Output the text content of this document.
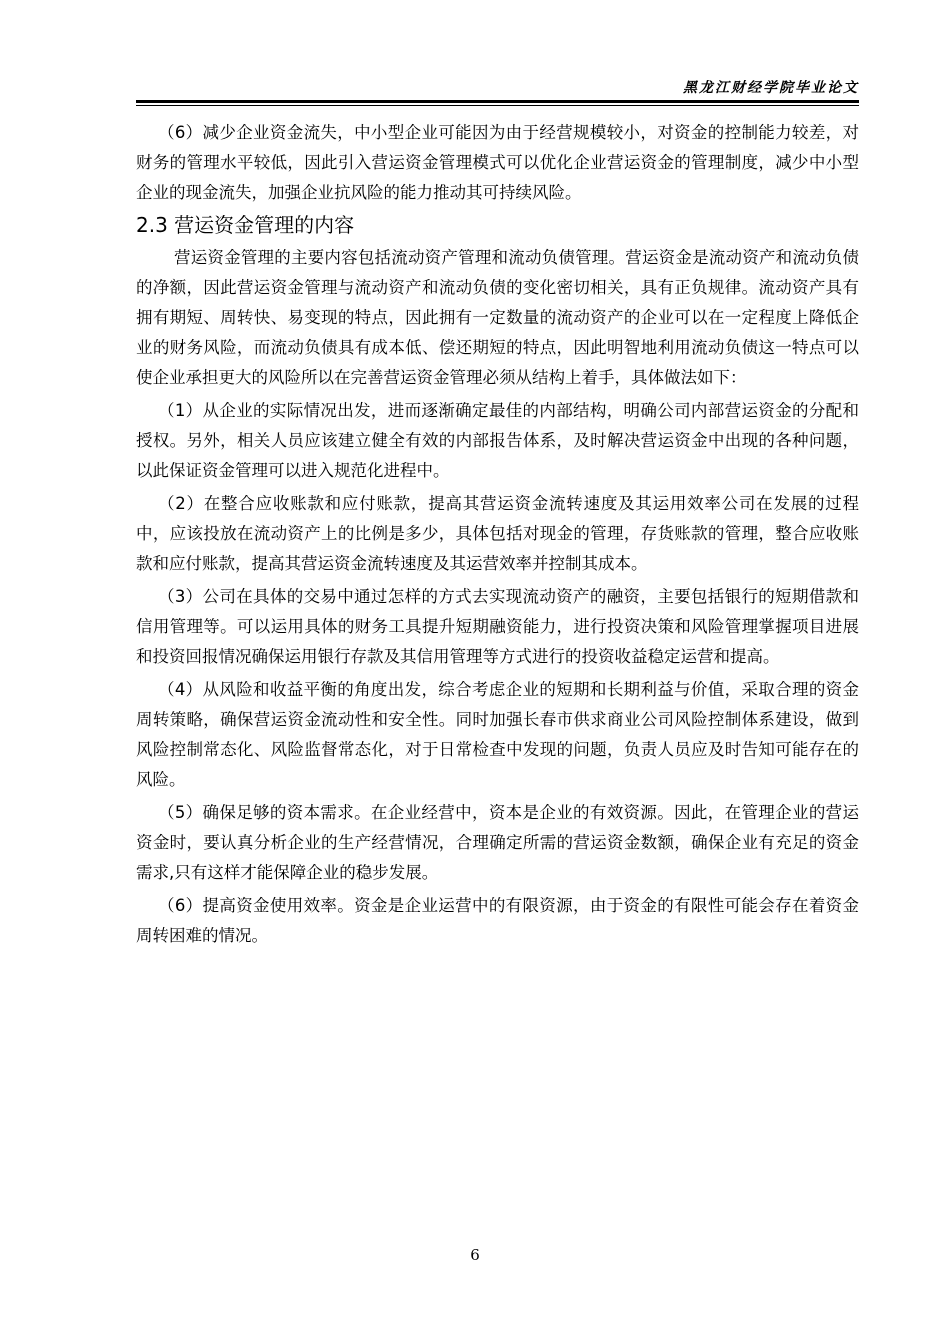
黑龙江财经学院毕业论文

（6）减少企业资金流失，中小型企业可能因为由于经营规模较小，对资金的控制能力较差，对财务的管理水平较低，因此引入营运资金管理模式可以优化企业营运资金的管理制度，减少中小型企业的现金流失，加强企业抗风险的能力推动其可持续风险。

2.3 营运资金管理的内容

营运资金管理的主要内容包括流动资产管理和流动负债管理。营运资金是流动资产和流动负债的净额，因此营运资金管理与流动资产和流动负债的变化密切相关，具有正负规律。流动资产具有拥有期短、周转快、易变现的特点，因此拥有一定数量的流动资产的企业可以在一定程度上降低企业的财务风险，而流动负债具有成本低、偿还期短的特点，因此明智地利用流动负债这一特点可以使企业承担更大的风险所以在完善营运资金管理必须从结构上着手，具体做法如下：

（1）从企业的实际情况出发，进而逐渐确定最佳的内部结构，明确公司内部营运资金的分配和授权。另外，相关人员应该建立健全有效的内部报告体系，及时解决营运资金中出现的各种问题，以此保证资金管理可以进入规范化进程中。

（2）在整合应收账款和应付账款，提高其营运资金流转速度及其运用效率公司在发展的过程中，应该投放在流动资产上的比例是多少，具体包括对现金的管理，存货账款的管理，整合应收账款和应付账款，提高其营运资金流转速度及其运营效率并控制其成本。

（3）公司在具体的交易中通过怎样的方式去实现流动资产的融资，主要包括银行的短期借款和信用管理等。可以运用具体的财务工具提升短期融资能力，进行投资决策和风险管理掌握项目进展和投资回报情况确保运用银行存款及其信用管理等方式进行的投资收益稳定运营和提高。

（4）从风险和收益平衡的角度出发，综合考虑企业的短期和长期利益与价值，采取合理的资金周转策略，确保营运资金流动性和安全性。同时加强长春市供求商业公司风险控制体系建设，做到风险控制常态化、风险监督常态化，对于日常检查中发现的问题，负责人员应及时告知可能存在的风险。

（5）确保足够的资本需求。在企业经营中，资本是企业的有效资源。因此，在管理企业的营运资金时，要认真分析企业的生产经营情况，合理确定所需的营运资金数额，确保企业有充足的资金需求,只有这样才能保障企业的稳步发展。

（6）提高资金使用效率。资金是企业运营中的有限资源，由于资金的有限性可能会存在着资金周转困难的情况。

6
